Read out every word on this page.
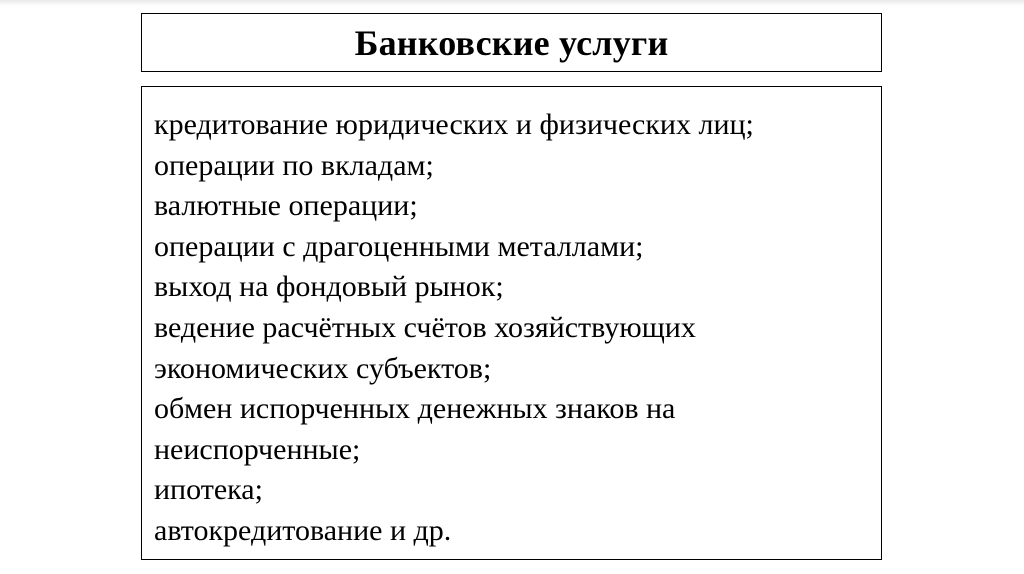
Банковские услуги
кредитование юридических и физических лиц;
операции по вкладам;
валютные операции;
операции с драгоценными металлами;
выход на фондовый рынок;
ведение расчётных счётов хозяйствующих
экономических субъектов;
обмен испорченных денежных знаков на
неиспорченные;
ипотека;
автокредитование и др.
